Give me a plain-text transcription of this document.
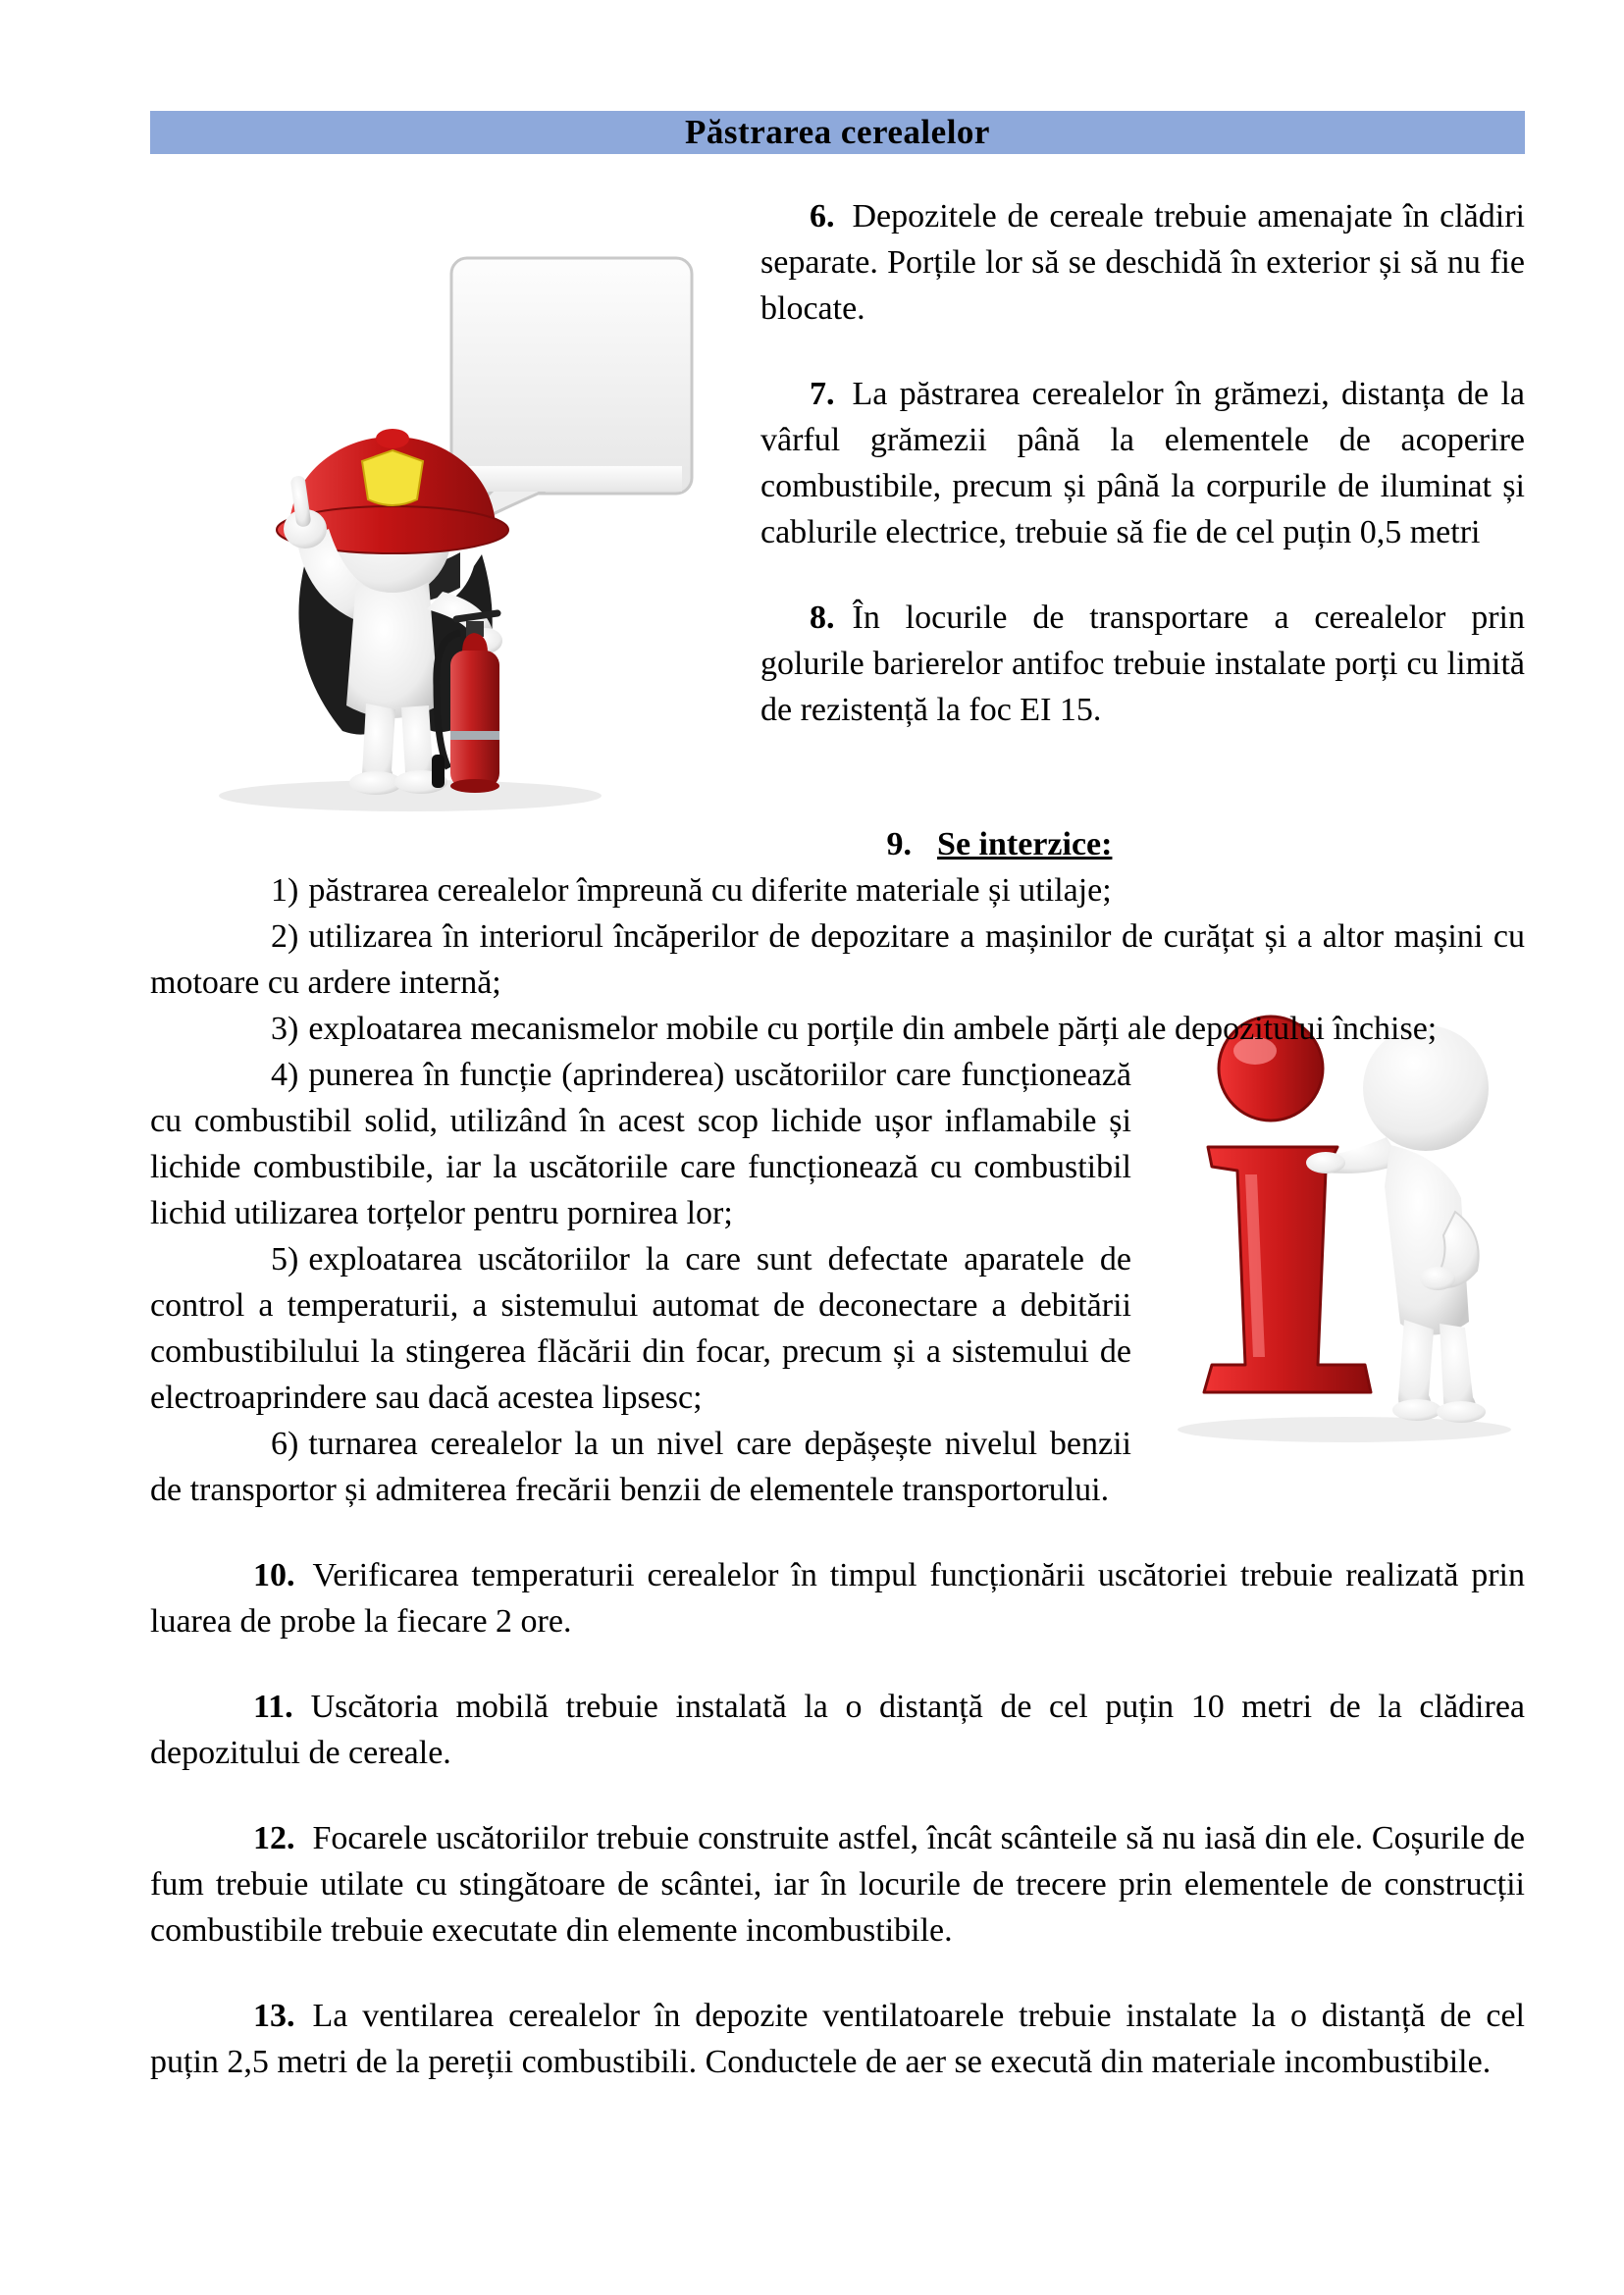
Păstrarea cerealelor

6. Depozitele de cereale trebuie amenajate în clădiri separate. Porțile lor să se deschidă în exterior și să nu fie blocate.

7. La păstrarea cerealelor în grămezi, distanța de la vârful grămezii până la elementele de acoperire combustibile, precum și până la corpurile de iluminat și cablurile electrice, trebuie să fie de cel puțin 0,5 metri

8. În locurile de transportare a cerealelor prin golurile barierelor antifoc trebuie instalate porți cu limită de rezistență la foc EI 15.

9. Se interzice:

1) păstrarea cerealelor împreună cu diferite materiale și utilaje;

2) utilizarea în interiorul încăperilor de depozitare a mașinilor de curățat și a altor mașini cu motoare cu ardere internă;

3) exploatarea mecanismelor mobile cu porțile din ambele părți ale depozitului închise;

4) punerea în funcție (aprinderea) uscătoriilor care funcționează cu combustibil solid, utilizând în acest scop lichide ușor inflamabile și lichide combustibile, iar la uscătoriile care funcționează cu combustibil lichid utilizarea torțelor pentru pornirea lor;

5) exploatarea uscătoriilor la care sunt defectate aparatele de control a temperaturii, a sistemului automat de deconectare a debitării combustibilului la stingerea flăcării din focar, precum și a sistemului de electroaprindere sau dacă acestea lipsesc;

6) turnarea cerealelor la un nivel care depășește nivelul benzii de transportor și admiterea frecării benzii de elementele transportorului.

10. Verificarea temperaturii cerealelor în timpul funcționării uscătoriei trebuie realizată prin luarea de probe la fiecare 2 ore.

11. Uscătoria mobilă trebuie instalată la o distanță de cel puțin 10 metri de la clădirea depozitului de cereale.

12. Focarele uscătoriilor trebuie construite astfel, încât scânteile să nu iasă din ele. Coșurile de fum trebuie utilate cu stingătoare de scântei, iar în locurile de trecere prin elementele de construcții combustibile trebuie executate din elemente incombustibile.

13. La ventilarea cerealelor în depozite ventilatoarele trebuie instalate la o distanță de cel puțin 2,5 metri de la pereții combustibili. Conductele de aer se execută din materiale incombustibile.
